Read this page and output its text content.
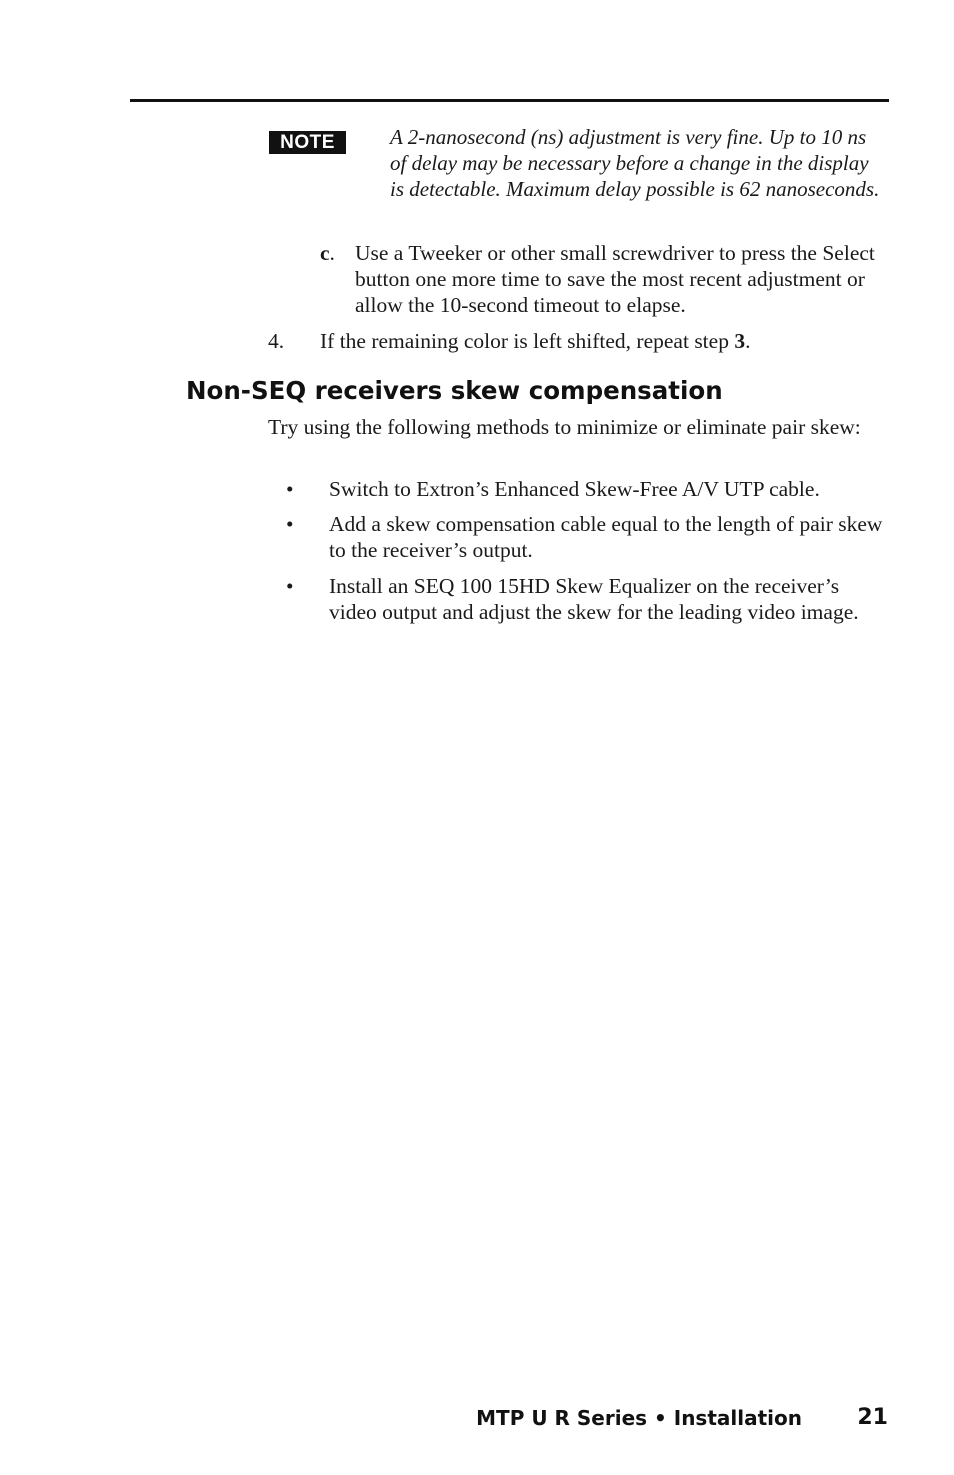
NOTE	A 2-nanosecond (ns) adjustment is very fine. Up to 10 ns of delay may be necessary before a change in the display is detectable. Maximum delay possible is 62 nanoseconds.

c. Use a Tweeker or other small screwdriver to press the Select button one more time to save the most recent adjustment or allow the 10-second timeout to elapse.
4. If the remaining color is left shifted, repeat step 3.
Non-SEQ receivers skew compensation

Try using the following methods to minimize or eliminate pair skew:

• Switch to Extron’s Enhanced Skew-Free A/V UTP cable.
• Add a skew compensation cable equal to the length of pair skew to the receiver’s output.
• Install an SEQ 100 15HD Skew Equalizer on the receiver’s video output and adjust the skew for the leading video image.
MTP U R Series • Installation	21
